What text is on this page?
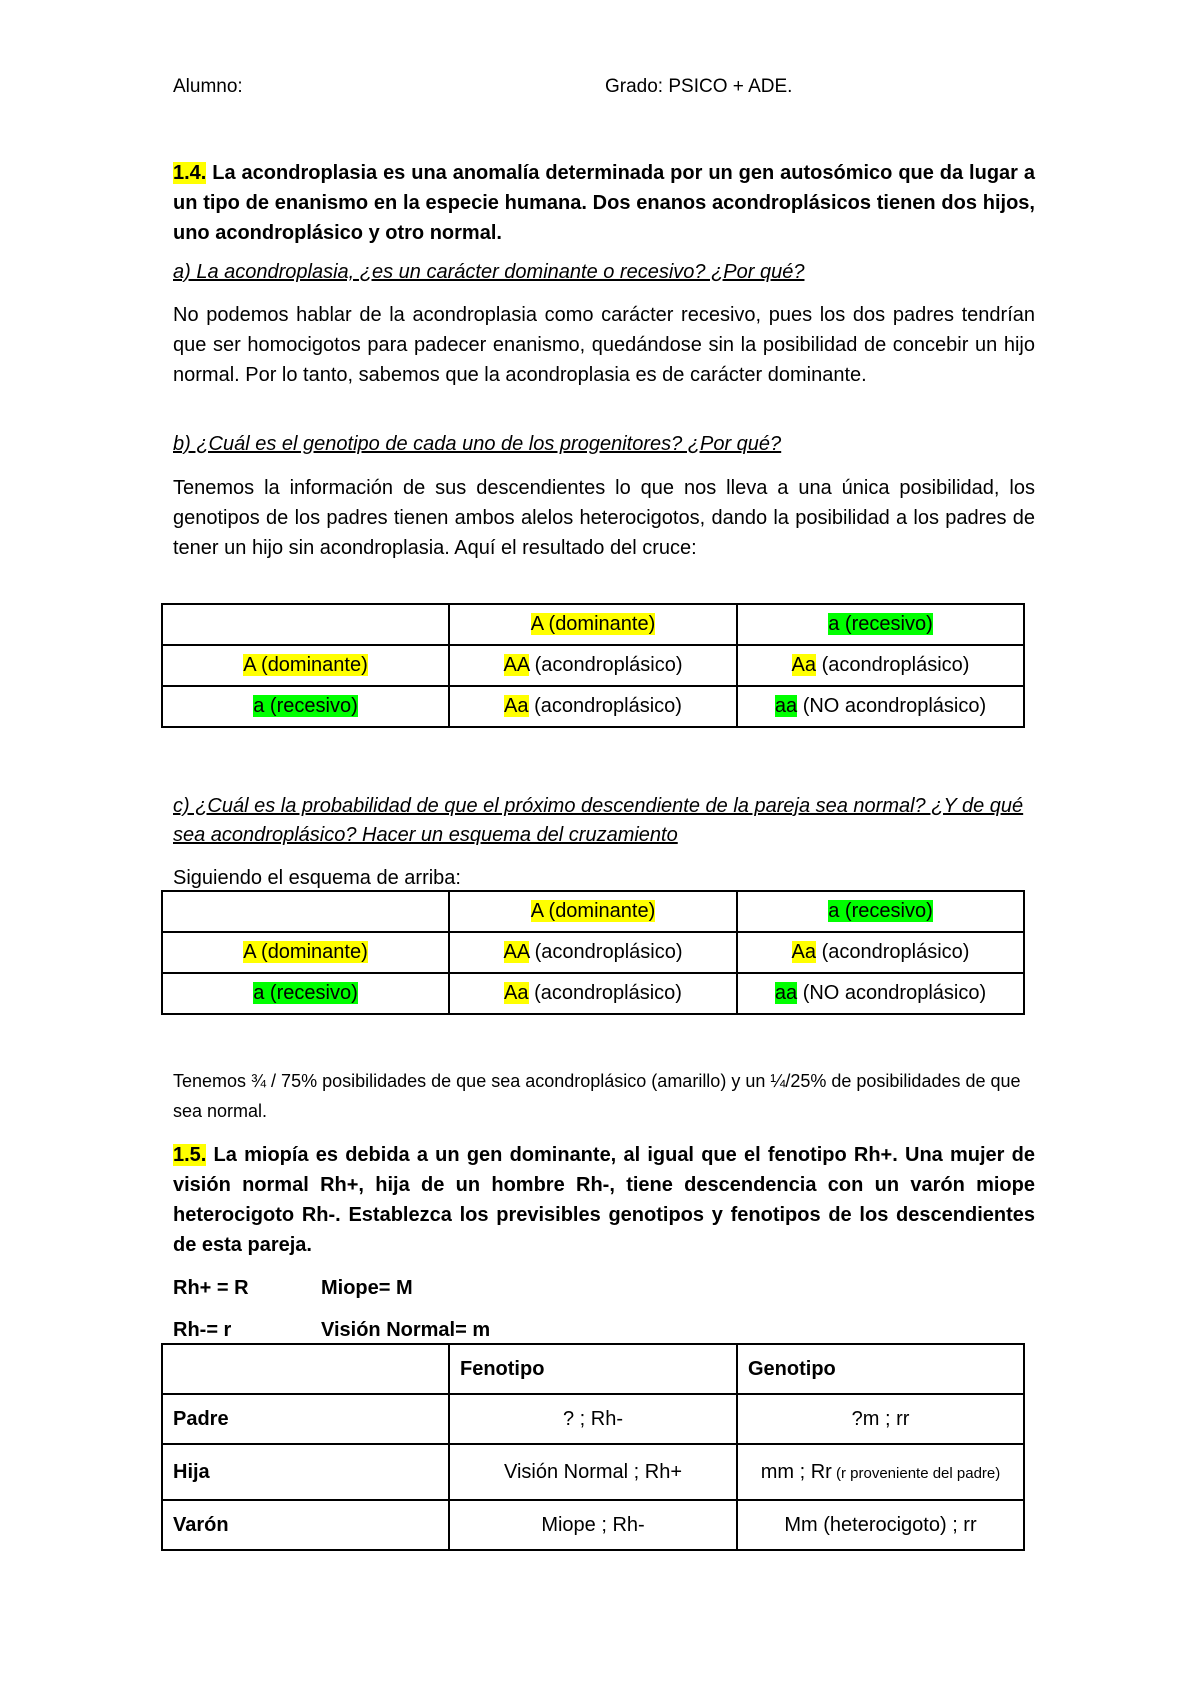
Alumno:	Grado: PSICO + ADE.

1.4. La acondroplasia es una anomalía determinada por un gen autosómico que da lugar a un tipo de enanismo en la especie humana. Dos enanos acondroplásicos tienen dos hijos, uno acondroplásico y otro normal.

a) La acondroplasia, ¿es un carácter dominante o recesivo? ¿Por qué?

No podemos hablar de la acondroplasia como carácter recesivo, pues los dos padres tendrían que ser homocigotos para padecer enanismo, quedándose sin la posibilidad de concebir un hijo normal. Por lo tanto, sabemos que la acondroplasia es de carácter dominante.

b) ¿Cuál es el genotipo de cada uno de los progenitores? ¿Por qué?

Tenemos la información de sus descendientes lo que nos lleva a una única posibilidad, los genotipos de los padres tienen ambos alelos heterocigotos, dando la posibilidad a los padres de tener un hijo sin acondroplasia. Aquí el resultado del cruce:

	A (dominante)	a (recesivo)
A (dominante)	AA (acondroplásico)	Aa (acondroplásico)
a (recesivo)	Aa (acondroplásico)	aa (NO acondroplásico)

c) ¿Cuál es la probabilidad de que el próximo descendiente de la pareja sea normal? ¿Y de qué sea acondroplásico? Hacer un esquema del cruzamiento

Siguiendo el esquema de arriba:

	A (dominante)	a (recesivo)
A (dominante)	AA (acondroplásico)	Aa (acondroplásico)
a (recesivo)	Aa (acondroplásico)	aa (NO acondroplásico)

Tenemos ¾ / 75% posibilidades de que sea acondroplásico (amarillo) y un ¼/25% de posibilidades de que sea normal.

1.5. La miopía es debida a un gen dominante, al igual que el fenotipo Rh+. Una mujer de visión normal Rh+, hija de un hombre Rh-, tiene descendencia con un varón miope heterocigoto Rh-. Establezca los previsibles genotipos y fenotipos de los descendientes de esta pareja.

Rh+ = R	Miope= M
Rh-= r	Visión Normal= m
	Fenotipo	Genotipo
Padre	? ; Rh-	?m ; rr
Hija	Visión Normal ; Rh+	mm ; Rr (r proveniente del padre)
Varón	Miope ; Rh-	Mm (heterocigoto) ; rr
